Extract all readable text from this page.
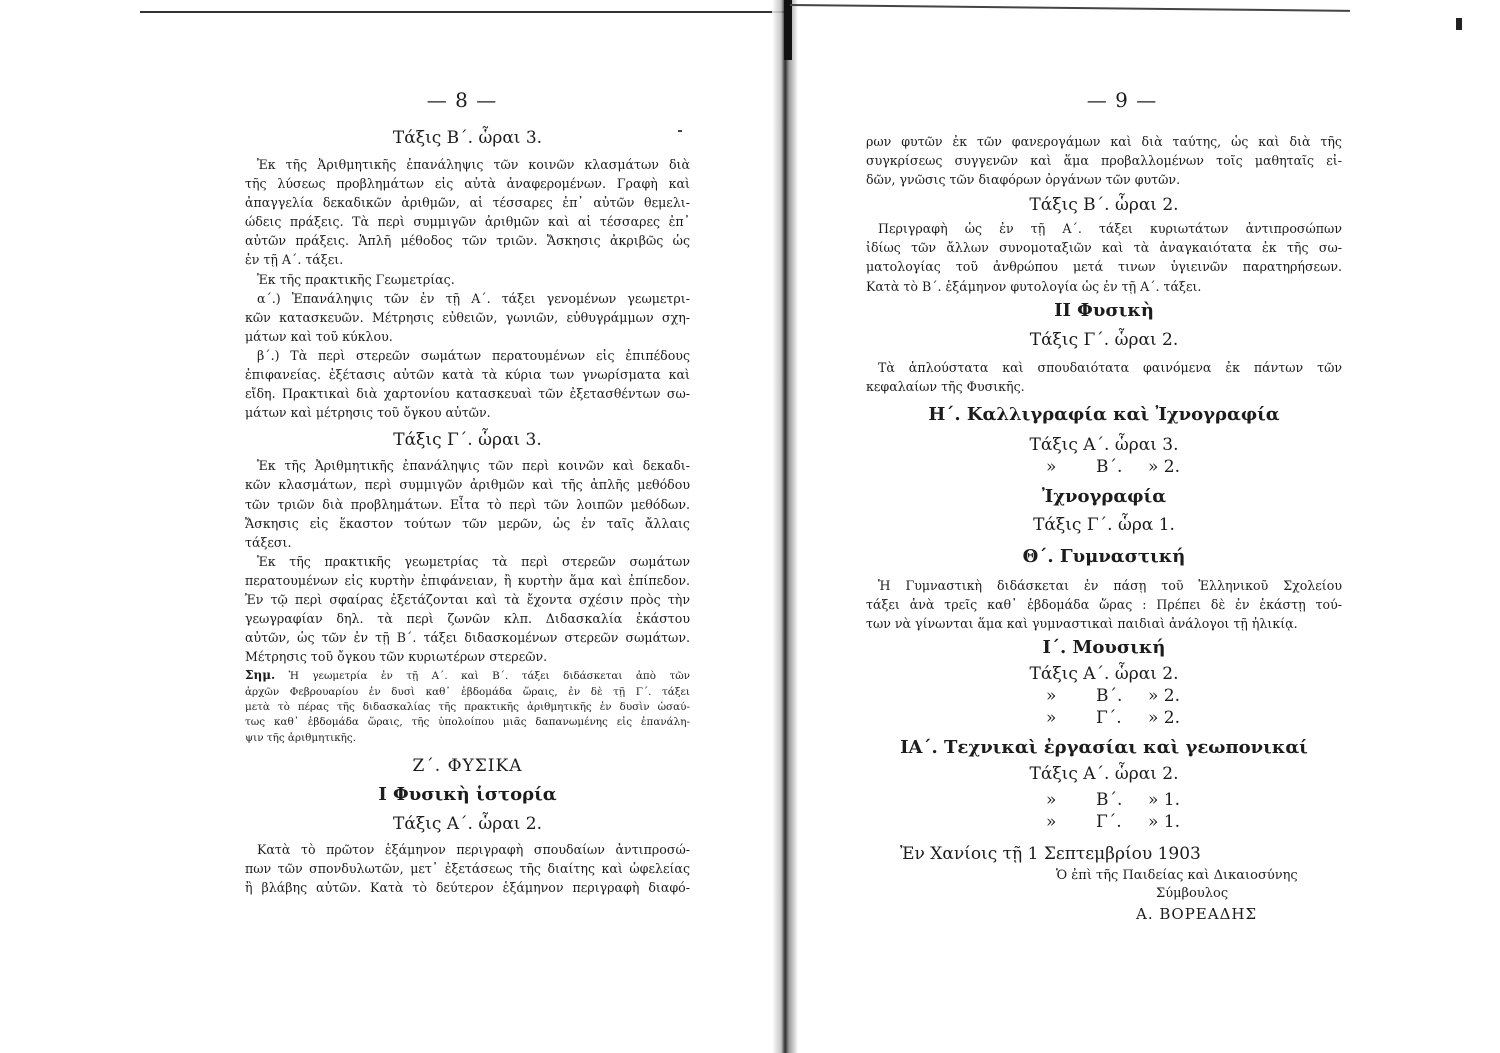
— 8 —
Τάξις Β΄. ὧραι 3.
Ἐκ τῆς Ἀριθμητικῆς ἐπανάληψις τῶν κοινῶν κλασμάτων διὰ
τῆς λύσεως προβλημάτων εἰς αὐτὰ ἀναφερομένων. Γραφὴ καὶ
ἀπαγγελία δεκαδικῶν ἀριθμῶν, αἱ τέσσαρες ἐπ᾿ αὐτῶν θεμελι-
ώδεις πράξεις. Τὰ περὶ συμμιγῶν ἀριθμῶν καὶ αἱ τέσσαρες ἐπ᾿
αὐτῶν πράξεις. Ἁπλῆ μέθοδος τῶν τριῶν. Ἄσκησις ἀκριβῶς ὡς
ἐν τῇ Α΄. τάξει.
Ἐκ τῆς πρακτικῆς Γεωμετρίας.
α΄.) Ἐπανάληψις τῶν ἐν τῇ Α΄. τάξει γενομένων γεωμετρι-
κῶν κατασκευῶν. Μέτρησις εὐθειῶν, γωνιῶν, εὐθυγράμμων σχη-
μάτων καὶ τοῦ κύκλου.
β΄.) Τὰ περὶ στερεῶν σωμάτων περατουμένων εἰς ἐπιπέδους
ἐπιφανείας. ἐξέτασις αὐτῶν κατὰ τὰ κύρια των γνωρίσματα καὶ
εἴδη. Πρακτικαὶ διὰ χαρτονίου κατασκευαὶ τῶν ἐξετασθέντων σω-
μάτων καὶ μέτρησις τοῦ ὄγκου αὐτῶν.
Τάξις Γ΄. ὧραι 3.
Ἐκ τῆς Ἀριθμητικῆς ἐπανάληψις τῶν περὶ κοινῶν καὶ δεκαδι-
κῶν κλασμάτων, περὶ συμμιγῶν ἀριθμῶν καὶ τῆς ἁπλῆς μεθόδου
τῶν τριῶν διὰ προβλημάτων. Εἶτα τὸ περὶ τῶν λοιπῶν μεθόδων.
Ἄσκησις εἰς ἕκαστον τούτων τῶν μερῶν, ὡς ἐν ταῖς ἄλλαις
τάξεσι.
Ἐκ τῆς πρακτικῆς γεωμετρίας τὰ περὶ στερεῶν σωμάτων
περατουμένων εἰς κυρτὴν ἐπιφάνειαν, ἢ κυρτὴν ἅμα καὶ ἐπίπεδον.
Ἐν τῷ περὶ σφαίρας ἐξετάζονται καὶ τὰ ἔχοντα σχέσιν πρὸς τὴν
γεωγραφίαν δηλ. τὰ περὶ ζωνῶν κλπ. Διδασκαλία ἑκάστου
αὐτῶν, ὡς τῶν ἐν τῇ Β΄. τάξει διδασκομένων στερεῶν σωμάτων.
Μέτρησις τοῦ ὄγκου τῶν κυριωτέρων στερεῶν.
Σημ. Ἡ γεωμετρία ἐν τῇ Α΄. καὶ Β΄. τάξει διδάσκεται ἀπὸ τῶν
ἀρχῶν Φεβρουαρίου ἐν δυσὶ καθ᾿ ἑβδομάδα ὥραις, ἐν δὲ τῇ Γ΄. τάξει
μετὰ τὸ πέρας τῆς διδασκαλίας τῆς πρακτικῆς ἀριθμητικῆς ἐν δυσὶν ὡσαύ-
τως καθ᾿ ἑβδομάδα ὥραις, τῆς ὑπολοίπου μιᾶς δαπανωμένης εἰς ἐπανάλη-
ψιν τῆς ἀριθμητικῆς.
Ζ΄. ΦΥΣΙΚΑ
Ι Φυσικὴ ἱστορία
Τάξις Α΄. ὧραι 2.
Κατὰ τὸ πρῶτον ἑξάμηνον περιγραφὴ σπουδαίων ἀντιπροσώ-
πων τῶν σπονδυλωτῶν, μετ᾿ ἐξετάσεως τῆς διαίτης καὶ ὠφελείας
ἢ βλάβης αὐτῶν. Κατὰ τὸ δεύτερον ἑξάμηνον περιγραφὴ διαφό-
— 9 —
ρων φυτῶν ἐκ τῶν φανερογάμων καὶ διὰ ταύτης, ὡς καὶ διὰ τῆς
συγκρίσεως συγγενῶν καὶ ἅμα προβαλλομένων τοῖς μαθηταῖς εἰ-
δῶν, γνῶσις τῶν διαφόρων ὀργάνων τῶν φυτῶν.
Τάξις Β΄. ὧραι 2.
Περιγραφὴ ὡς ἐν τῇ Α΄. τάξει κυριωτάτων ἀντιπροσώπων
ἰδίως τῶν ἄλλων συνομοταξιῶν καὶ τὰ ἀναγκαιότατα ἐκ τῆς σω-
ματολογίας τοῦ ἀνθρώπου μετά τινων ὑγιεινῶν παρατηρήσεων.
Κατὰ τὸ Β΄. ἑξάμηνον φυτολογία ὡς ἐν τῇ Α΄. τάξει.
ΙΙ Φυσικὴ
Τάξις Γ΄. ὧραι 2.
Τὰ ἁπλούστατα καὶ σπουδαιότατα φαινόμενα ἐκ πάντων τῶν
κεφαλαίων τῆς Φυσικῆς.
Η΄. Καλλιγραφία καὶ Ἰχνογραφία
Τάξις Α΄. ὧραι 3.
» Β΄. » 2.
Ἰχνογραφία
Τάξις Γ΄. ὧρα 1.
Θ΄. Γυμναστική
Ἡ Γυμναστικὴ διδάσκεται ἐν πάσῃ τοῦ Ἑλληνικοῦ Σχολείου
τάξει ἀνὰ τρεῖς καθ᾿ ἑβδομάδα ὥρας : Πρέπει δὲ ἐν ἑκάστῃ τού-
των νὰ γίνωνται ἅμα καὶ γυμναστικαὶ παιδιαὶ ἀνάλογοι τῇ ἡλικίᾳ.
Ι΄. Μουσική
Τάξις Α΄. ὧραι 2.
» Β΄. » 2.
» Γ΄. » 2.
ΙΑ΄. Τεχνικαὶ ἐργασίαι καὶ γεωπονικαί
Τάξις Α΄. ὧραι 2.
» Β΄. » 1.
» Γ΄. » 1.
Ἐν Χανίοις τῇ 1 Σεπτεμβρίου 1903
Ὁ ἐπὶ τῆς Παιδείας καὶ Δικαιοσύνης
Σύμβουλος
Α. ΒΟΡΕΑΔΗΣ
